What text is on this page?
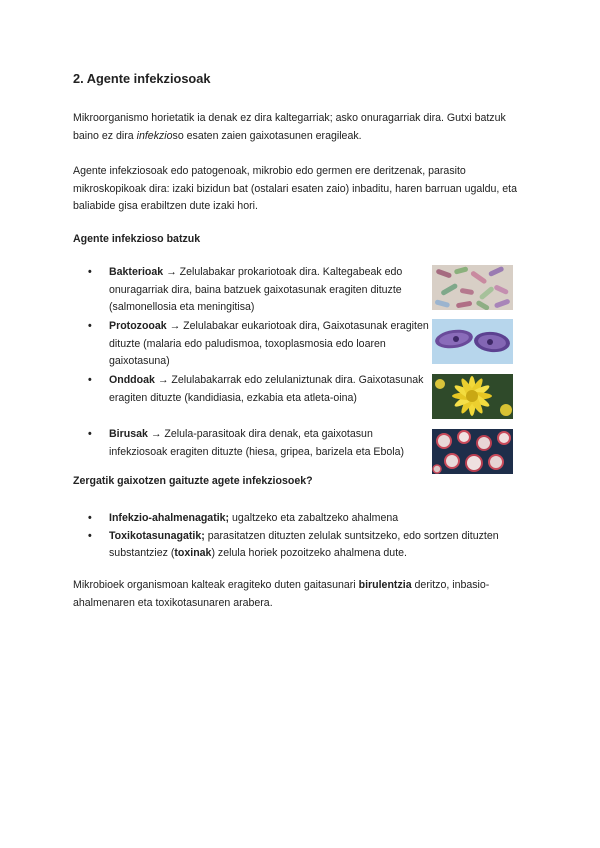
2. Agente infekziosoak

Mikroorganismo horietatik ia denak ez dira kaltegarriak; asko onuragarriak dira. Gutxi batzuk baino ez dira infekzioso esaten zaien gaixotasunen eragileak.

Agente infekziosoak edo patogenoak, mikrobio edo germen ere deritzenak, parasito mikroskopikoak dira: izaki bizidun bat (ostalari esaten zaio) inbaditu, haren barruan ugaldu, eta baliabide gisa erabiltzen dute izaki hori.

Agente infekzioso batzuk
• Bakterioak → Zelulabakar prokariotoak dira. Kaltegabeak edo onuragarriak dira, baina batzuek gaixotasunak eragiten dituzte (salmonellosia eta meningitisa)
• Protozooak → Zelulabakar eukariotoak dira, Gaixotasunak eragiten dituzte (malaria edo paludismoa, toxoplasmosia edo loaren gaixotasuna)
• Onddoak → Zelulabakarrak edo zelulaniztunak dira. Gaixotasunak eragiten dituzte (kandidiasia, ezkabia eta atleta-oina)
• Birusak → Zelula-parasitoak dira denak, eta gaixotasun infekziosoak eragiten dituzte (hiesa, gripea, barizela eta Ebola)
Zergatik gaixotzen gaituzte agete infekziosoek?
• Infekzio-ahalmenagatik; ugaltzeko eta zabaltzeko ahalmena
• Toxikotasunagatik; parasitatzen dituzten zelulak suntsitzeko, edo sortzen dituzten substantziez (toxinak) zelula horiek pozoitzeko ahalmena dute.

Mikrobioek organismoan kalteak eragiteko duten gaitasunari birulentzia deritzo, inbasio-ahalmenaren eta toxikotasunaren arabera.
